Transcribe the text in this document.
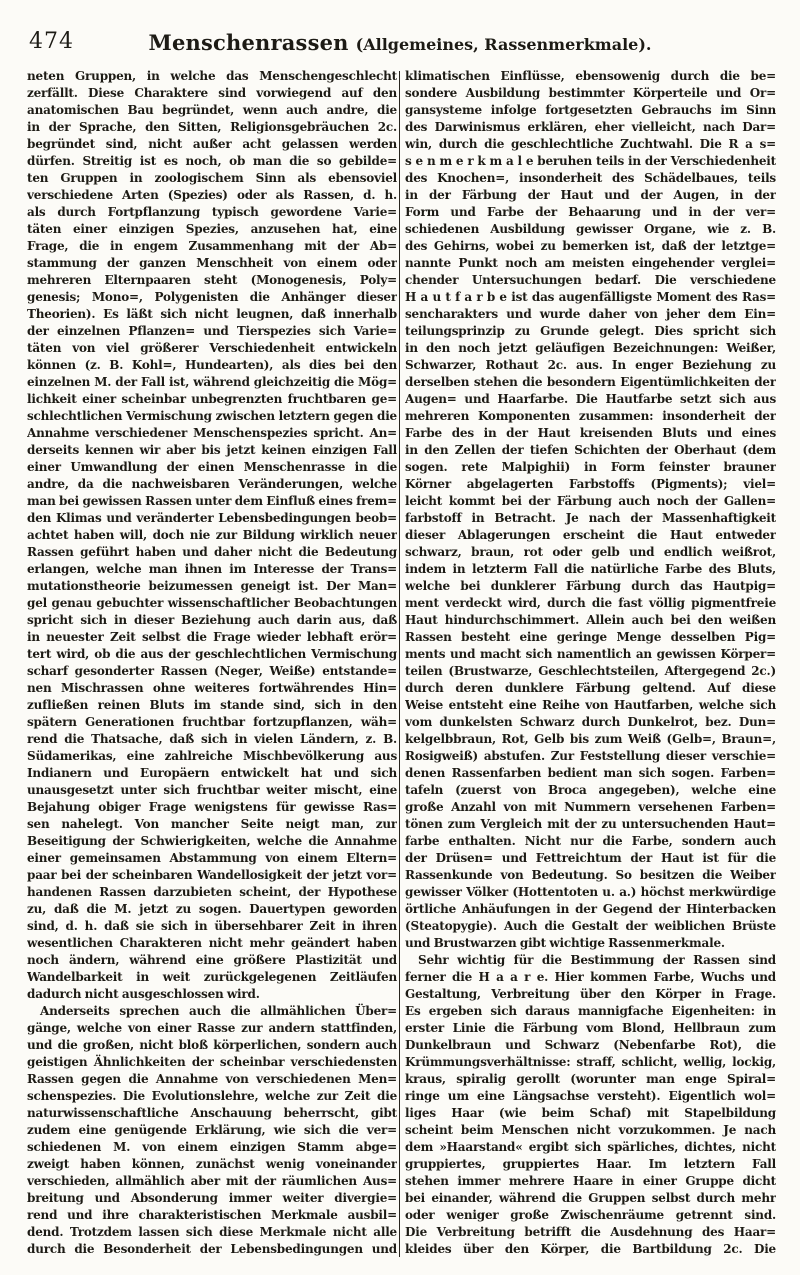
474	Menschenrassen (Allgemeines, Rassenmerkmale).
neten Gruppen, in welche das Menschengeschlecht
zerfällt. Diese Charaktere sind vorwiegend auf den
anatomischen Bau begründet, wenn auch andre, die
in der Sprache, den Sitten, Religionsgebräuchen 2c.
begründet sind, nicht außer acht gelassen werden
dürfen. Streitig ist es noch, ob man die so gebilde=
ten Gruppen in zoologischem Sinn als ebensoviel
verschiedene Arten (Spezies) oder als Rassen, d. h.
als durch Fortpflanzung typisch gewordene Varie=
täten einer einzigen Spezies, anzusehen hat, eine
Frage, die in engem Zusammenhang mit der Ab=
stammung der ganzen Menschheit von einem oder
mehreren Elternpaaren steht (Monogenesis, Poly=
genesis; Mono=, Polygenisten die Anhänger dieser
Theorien). Es läßt sich nicht leugnen, daß innerhalb
der einzelnen Pflanzen= und Tierspezies sich Varie=
täten von viel größerer Verschiedenheit entwickeln
können (z. B. Kohl=, Hundearten), als dies bei den
einzelnen M. der Fall ist, während gleichzeitig die Mög=
lichkeit einer scheinbar unbegrenzten fruchtbaren ge=
schlechtlichen Vermischung zwischen letztern gegen die
Annahme verschiedener Menschenspezies spricht. An=
derseits kennen wir aber bis jetzt keinen einzigen Fall
einer Umwandlung der einen Menschenrasse in die
andre, da die nachweisbaren Veränderungen, welche
man bei gewissen Rassen unter dem Einfluß eines frem=
den Klimas und veränderter Lebensbedingungen beob=
achtet haben will, doch nie zur Bildung wirklich neuer
Rassen geführt haben und daher nicht die Bedeutung
erlangen, welche man ihnen im Interesse der Trans=
mutationstheorie beizumessen geneigt ist. Der Man=
gel genau gebuchter wissenschaftlicher Beobachtungen
spricht sich in dieser Beziehung auch darin aus, daß
in neuester Zeit selbst die Frage wieder lebhaft erör=
tert wird, ob die aus der geschlechtlichen Vermischung
scharf gesonderter Rassen (Neger, Weiße) entstande=
nen Mischrassen ohne weiteres fortwährendes Hin=
zufließen reinen Bluts im stande sind, sich in den
spätern Generationen fruchtbar fortzupflanzen, wäh=
rend die Thatsache, daß sich in vielen Ländern, z. B.
Südamerikas, eine zahlreiche Mischbevölkerung aus
Indianern und Europäern entwickelt hat und sich
unausgesetzt unter sich fruchtbar weiter mischt, eine
Bejahung obiger Frage wenigstens für gewisse Ras=
sen nahelegt. Von mancher Seite neigt man, zur
Beseitigung der Schwierigkeiten, welche die Annahme
einer gemeinsamen Abstammung von einem Eltern=
paar bei der scheinbaren Wandellosigkeit der jetzt vor=
handenen Rassen darzubieten scheint, der Hypothese
zu, daß die M. jetzt zu sogen. Dauertypen geworden
sind, d. h. daß sie sich in übersehbarer Zeit in ihren
wesentlichen Charakteren nicht mehr geändert haben
noch ändern, während eine größere Plastizität und
Wandelbarkeit in weit zurückgelegenen Zeitläufen
dadurch nicht ausgeschlossen wird.
Anderseits sprechen auch die allmählichen Über=
gänge, welche von einer Rasse zur andern stattfinden,
und die großen, nicht bloß körperlichen, sondern auch
geistigen Ähnlichkeiten der scheinbar verschiedensten
Rassen gegen die Annahme von verschiedenen Men=
schenspezies. Die Evolutionslehre, welche zur Zeit die
naturwissenschaftliche Anschauung beherrscht, gibt
zudem eine genügende Erklärung, wie sich die ver=
schiedenen M. von einem einzigen Stamm abge=
zweigt haben können, zunächst wenig voneinander
verschieden, allmählich aber mit der räumlichen Aus=
breitung und Absonderung immer weiter divergie=
rend und ihre charakteristischen Merkmale ausbil=
dend. Trotzdem lassen sich diese Merkmale nicht alle
durch die Besonderheit der Lebensbedingungen und
klimatischen Einflüsse, ebensowenig durch die be=
sondere Ausbildung bestimmter Körperteile und Or=
gansysteme infolge fortgesetzten Gebrauchs im Sinn
des Darwinismus erklären, eher vielleicht, nach Dar=
win, durch die geschlechtliche Zuchtwahl. Die R a s=
s e n m e r k m a l e beruhen teils in der Verschiedenheit
des Knochen=, insonderheit des Schädelbaues, teils
in der Färbung der Haut und der Augen, in der
Form und Farbe der Behaarung und in der ver=
schiedenen Ausbildung gewisser Organe, wie z. B.
des Gehirns, wobei zu bemerken ist, daß der letztge=
nannte Punkt noch am meisten eingehender verglei=
chender Untersuchungen bedarf. Die verschiedene
H a u t f a r b e ist das augenfälligste Moment des Ras=
sencharakters und wurde daher von jeher dem Ein=
teilungsprinzip zu Grunde gelegt. Dies spricht sich
in den noch jetzt geläufigen Bezeichnungen: Weißer,
Schwarzer, Rothaut 2c. aus. In enger Beziehung zu
derselben stehen die besondern Eigentümlichkeiten der
Augen= und Haarfarbe. Die Hautfarbe setzt sich aus
mehreren Komponenten zusammen: insonderheit der
Farbe des in der Haut kreisenden Bluts und eines
in den Zellen der tiefen Schichten der Oberhaut (dem
sogen. rete Malpighii) in Form feinster brauner
Körner abgelagerten Farbstoffs (Pigments); viel=
leicht kommt bei der Färbung auch noch der Gallen=
farbstoff in Betracht. Je nach der Massenhaftigkeit
dieser Ablagerungen erscheint die Haut entweder
schwarz, braun, rot oder gelb und endlich weißrot,
indem in letzterm Fall die natürliche Farbe des Bluts,
welche bei dunklerer Färbung durch das Hautpig=
ment verdeckt wird, durch die fast völlig pigmentfreie
Haut hindurchschimmert. Allein auch bei den weißen
Rassen besteht eine geringe Menge desselben Pig=
ments und macht sich namentlich an gewissen Körper=
teilen (Brustwarze, Geschlechtsteilen, Aftergegend 2c.)
durch deren dunklere Färbung geltend. Auf diese
Weise entsteht eine Reihe von Hautfarben, welche sich
vom dunkelsten Schwarz durch Dunkelrot, bez. Dun=
kelgelbbraun, Rot, Gelb bis zum Weiß (Gelb=, Braun=,
Rosigweiß) abstufen. Zur Feststellung dieser verschie=
denen Rassenfarben bedient man sich sogen. Farben=
tafeln (zuerst von Broca angegeben), welche eine
große Anzahl von mit Nummern versehenen Farben=
tönen zum Vergleich mit der zu untersuchenden Haut=
farbe enthalten. Nicht nur die Farbe, sondern auch
der Drüsen= und Fettreichtum der Haut ist für die
Rassenkunde von Bedeutung. So besitzen die Weiber
gewisser Völker (Hottentoten u. a.) höchst merkwürdige
örtliche Anhäufungen in der Gegend der Hinterbacken
(Steatopygie). Auch die Gestalt der weiblichen Brüste
und Brustwarzen gibt wichtige Rassenmerkmale.
Sehr wichtig für die Bestimmung der Rassen sind
ferner die H a a r e. Hier kommen Farbe, Wuchs und
Gestaltung, Verbreitung über den Körper in Frage.
Es ergeben sich daraus mannigfache Eigenheiten: in
erster Linie die Färbung vom Blond, Hellbraun zum
Dunkelbraun und Schwarz (Nebenfarbe Rot), die
Krümmungsverhältnisse: straff, schlicht, wellig, lockig,
kraus, spiralig gerollt (worunter man enge Spiral=
ringe um eine Längsachse versteht). Eigentlich wol=
liges Haar (wie beim Schaf) mit Stapelbildung
scheint beim Menschen nicht vorzukommen. Je nach
dem »Haarstand« ergibt sich spärliches, dichtes, nicht
gruppiertes, gruppiertes Haar. Im letztern Fall
stehen immer mehrere Haare in einer Gruppe dicht
bei einander, während die Gruppen selbst durch mehr
oder weniger große Zwischenräume getrennt sind.
Die Verbreitung betrifft die Ausdehnung des Haar=
kleides über den Körper, die Bartbildung 2c. Die
